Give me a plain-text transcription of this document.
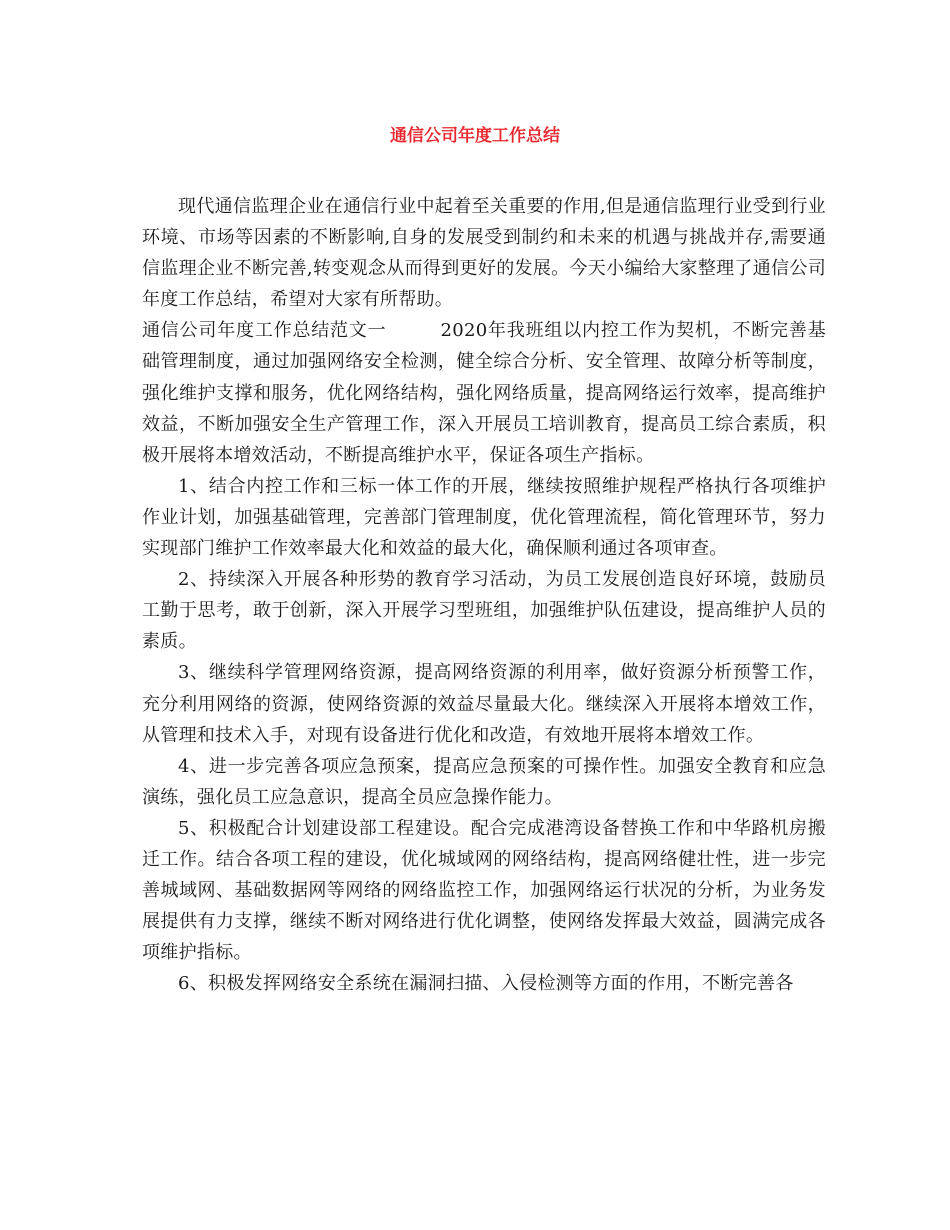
通信公司年度工作总结

现代通信监理企业在通信行业中起着至关重要的作用,但是通信监理行业受到行业环境、市场等因素的不断影响,自身的发展受到制约和未来的机遇与挑战并存,需要通信监理企业不断完善,转变观念从而得到更好的发展。今天小编给大家整理了通信公司年度工作总结，希望对大家有所帮助。

通信公司年度工作总结范文一	2020年我班组以内控工作为契机，不断完善基础管理制度，通过加强网络安全检测，健全综合分析、安全管理、故障分析等制度，强化维护支撑和服务，优化网络结构，强化网络质量，提高网络运行效率，提高维护效益，不断加强安全生产管理工作，深入开展员工培训教育，提高员工综合素质，积极开展将本增效活动，不断提高维护水平，保证各项生产指标。

1、结合内控工作和三标一体工作的开展，继续按照维护规程严格执行各项维护作业计划，加强基础管理，完善部门管理制度，优化管理流程，简化管理环节，努力实现部门维护工作效率最大化和效益的最大化，确保顺利通过各项审查。

2、持续深入开展各种形势的教育学习活动，为员工发展创造良好环境，鼓励员工勤于思考，敢于创新，深入开展学习型班组，加强维护队伍建设，提高维护人员的素质。

3、继续科学管理网络资源，提高网络资源的利用率，做好资源分析预警工作，充分利用网络的资源，使网络资源的效益尽量最大化。继续深入开展将本增效工作，从管理和技术入手，对现有设备进行优化和改造，有效地开展将本增效工作。

4、进一步完善各项应急预案，提高应急预案的可操作性。加强安全教育和应急演练，强化员工应急意识，提高全员应急操作能力。

5、积极配合计划建设部工程建设。配合完成港湾设备替换工作和中华路机房搬迁工作。结合各项工程的建设，优化城域网的网络结构，提高网络健壮性，进一步完善城域网、基础数据网等网络的网络监控工作，加强网络运行状况的分析，为业务发展提供有力支撑，继续不断对网络进行优化调整，使网络发挥最大效益，圆满完成各项维护指标。

6、积极发挥网络安全系统在漏洞扫描、入侵检测等方面的作用，不断完善各
